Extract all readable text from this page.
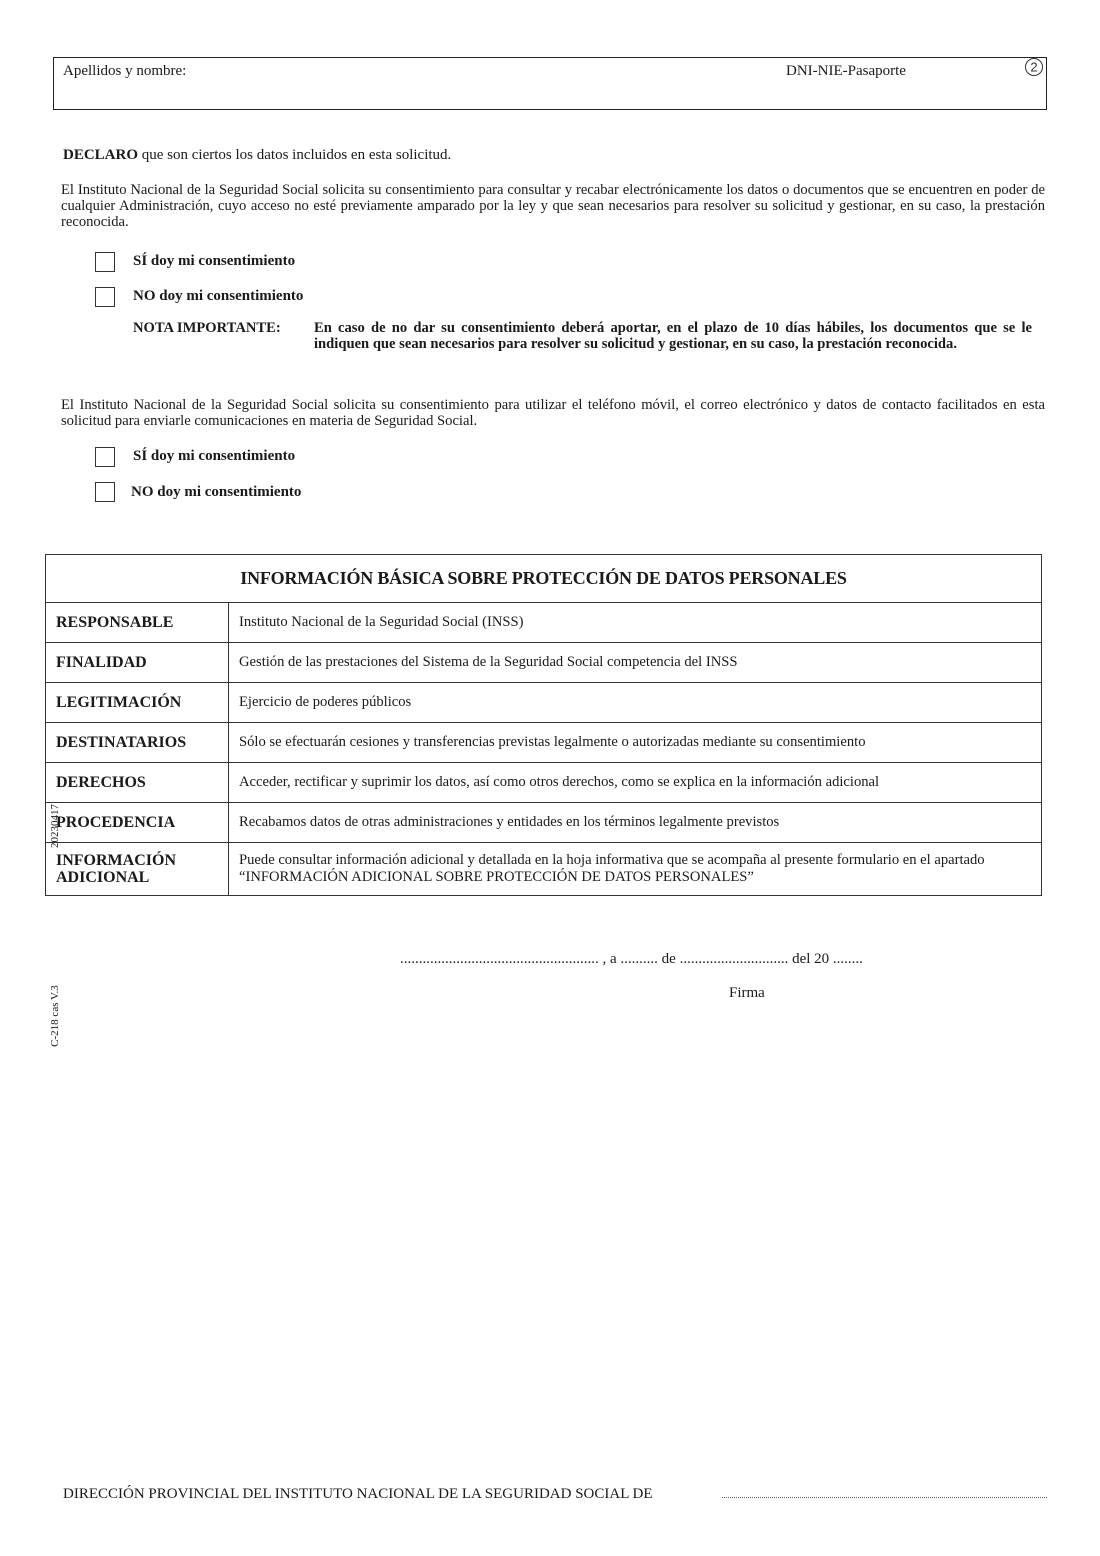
Apellidos y nombre:	DNI-NIE-Pasaporte	2
DECLARO que son ciertos los datos incluidos en esta solicitud.

El Instituto Nacional de la Seguridad Social solicita su consentimiento para consultar y recabar electrónicamente los datos o documentos que se encuentren en poder de cualquier Administración, cuyo acceso no esté previamente amparado por la ley y que sean necesarios para resolver su solicitud y gestionar, en su caso, la prestación reconocida.

SÍ doy mi consentimiento
NO doy mi consentimiento
NOTA IMPORTANTE: En caso de no dar su consentimiento deberá aportar, en el plazo de 10 días hábiles, los documentos que se le indiquen que sean necesarios para resolver su solicitud y gestionar, en su caso, la prestación reconocida.

El Instituto Nacional de la Seguridad Social solicita su consentimiento para utilizar el teléfono móvil, el correo electrónico y datos de contacto facilitados en esta solicitud para enviarle comunicaciones en materia de Seguridad Social.

SÍ doy mi consentimiento
NO doy mi consentimiento
INFORMACIÓN BÁSICA SOBRE PROTECCIÓN DE DATOS PERSONALES	
RESPONSABLE	Instituto Nacional de la Seguridad Social (INSS)
FINALIDAD	Gestión de las prestaciones del Sistema de la Seguridad Social competencia del INSS
LEGITIMACIÓN	Ejercicio de poderes públicos
DESTINATARIOS	Sólo se efectuarán cesiones y transferencias previstas legalmente o autorizadas mediante su consentimiento
DERECHOS	Acceder, rectificar y suprimir los datos, así como otros derechos, como se explica en la información adicional
PROCEDENCIA	Recabamos datos de otras administraciones y entidades en los términos legalmente previstos
INFORMACIÓN ADICIONAL	Puede consultar información adicional y detallada en la hoja informativa que se acompaña al presente formulario en el apartado “INFORMACIÓN ADICIONAL SOBRE PROTECCIÓN DE DATOS PERSONALES”
20230417
C-218 cas V.3
..................................................... , a .......... de ............................. del 20 ........
Firma
DIRECCIÓN PROVINCIAL DEL INSTITUTO NACIONAL DE LA SEGURIDAD SOCIAL DE
